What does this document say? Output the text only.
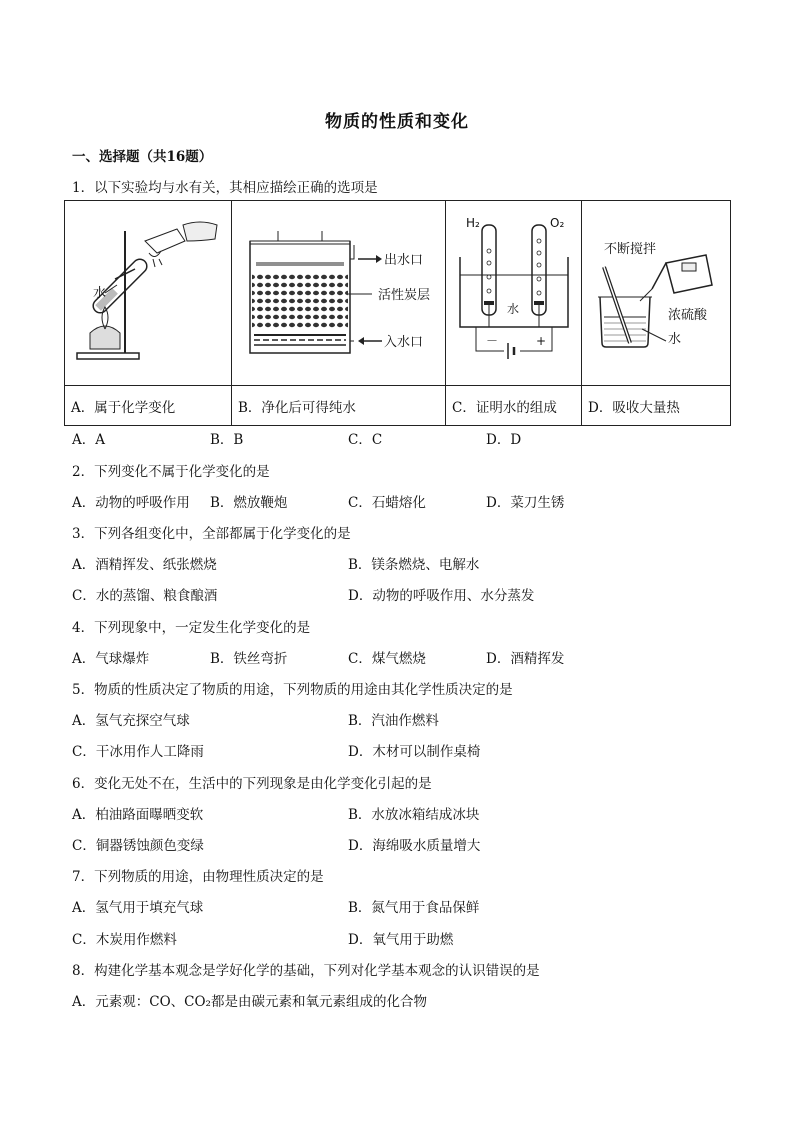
物质的性质和变化
一、选择题（共16题）
1．以下实验均与水有关，其相应描绘正确的选项是
水	出水口
活性炭层
入水口	H₂ O₂
水
－ +	不断搅拌
浓硫酸
水

A．属于化学变化	B．净化后可得纯水	C．证明水的组成	D．吸收大量热
A．A	B．B	C．C	D．D
2．下列变化不属于化学变化的是
A．动物的呼吸作用 B．燃放鞭炮	C．石蜡熔化	D．菜刀生锈
3．下列各组变化中，全部都属于化学变化的是
A．酒精挥发、纸张燃烧	B．镁条燃烧、电解水
C．水的蒸馏、粮食酿酒	D．动物的呼吸作用、水分蒸发
4．下列现象中，一定发生化学变化的是
A．气球爆炸	B．铁丝弯折	C．煤气燃烧	D．酒精挥发
5．物质的性质决定了物质的用途，下列物质的用途由其化学性质决定的是
A．氢气充探空气球	B．汽油作燃料
C．干冰用作人工降雨	D．木材可以制作桌椅
6．变化无处不在，生活中的下列现象是由化学变化引起的是
A．柏油路面曝晒变软	B．水放冰箱结成冰块
C．铜器锈蚀颜色变绿	D．海绵吸水质量增大
7．下列物质的用途，由物理性质决定的是
A．氢气用于填充气球	B．氮气用于食品保鲜
C．木炭用作燃料	D．氧气用于助燃
8．构建化学基本观念是学好化学的基础，下列对化学基本观念的认识错误的是
A．元素观：CO、CO₂都是由碳元素和氧元素组成的化合物
